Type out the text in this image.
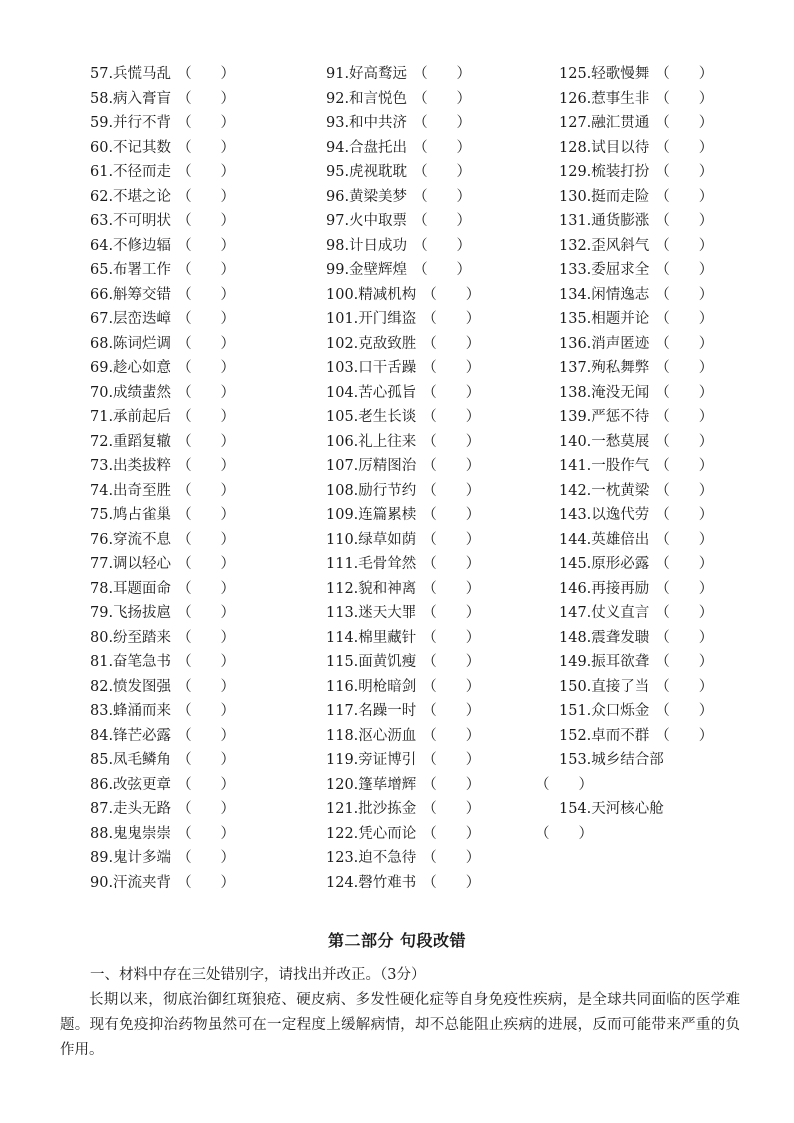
57.兵慌马乱 （　　）
58.病入膏盲 （　　）
59.并行不背 （　　）
60.不记其数 （　　）
61.不径而走 （　　）
62.不堪之论 （　　）
63.不可明状 （　　）
64.不修边辐 （　　）
65.布署工作 （　　）
66.斛筹交错 （　　）
67.层峦迭嶂 （　　）
68.陈词烂调 （　　）
69.趁心如意 （　　）
70.成绩蜚然 （　　）
71.承前起后 （　　）
72.重蹈复辙 （　　）
73.出类拔粹 （　　）
74.出奇至胜 （　　）
75.鸠占雀巢 （　　）
76.穿流不息 （　　）
77.调以轻心 （　　）
78.耳题面命 （　　）
79.飞扬拔扈 （　　）
80.纷至踏来 （　　）
81.奋笔急书 （　　）
82.愤发图强 （　　）
83.蜂涌而来 （　　）
84.锋芒必露 （　　）
85.凤毛鳞角 （　　）
86.改弦更章 （　　）
87.走头无路 （　　）
88.鬼鬼崇崇 （　　）
89.鬼计多端 （　　）
90.汗流夹背 （　　）
91.好高鹜远 （　　）
92.和言悦色 （　　）
93.和中共济 （　　）
94.合盘托出 （　　）
95.虎视耽耽 （　　）
96.黄梁美梦 （　　）
97.火中取票 （　　）
98.计日成功 （　　）
99.金壁辉煌 （　　）
100.精减机构 （　　）
101.开门缉盗 （　　）
102.克敌致胜 （　　）
103.口干舌躁 （　　）
104.苦心孤旨 （　　）
105.老生长谈 （　　）
106.礼上往来 （　　）
107.厉精图治 （　　）
108.励行节约 （　　）
109.连篇累椟 （　　）
110.绿草如荫 （　　）
111.毛骨耸然 （　　）
112.貌和神离 （　　）
113.迷天大罪 （　　）
114.棉里藏针 （　　）
115.面黄饥瘦 （　　）
116.明枪暗剑 （　　）
117.名躁一时 （　　）
118.沤心沥血 （　　）
119.旁证博引 （　　）
120.篷荜增辉 （　　）
121.批沙拣金 （　　）
122.凭心而论 （　　）
123.迫不急待 （　　）
124.磬竹难书 （　　）
125.轻歌慢舞 （　　）
126.惹事生非 （　　）
127.融汇贯通 （　　）
128.试目以待 （　　）
129.梳装打扮 （　　）
130.挺而走险 （　　）
131.通货膨涨 （　　）
132.歪风斜气 （　　）
133.委屈求全 （　　）
134.闲情逸志 （　　）
135.相题并论 （　　）
136.消声匿迹 （　　）
137.殉私舞弊 （　　）
138.淹没无闻 （　　）
139.严惩不待 （　　）
140.一愁莫展 （　　）
141.一股作气 （　　）
142.一枕黄梁 （　　）
143.以逸代劳 （　　）
144.英雄倍出 （　　）
145.原形必露 （　　）
146.再接再励 （　　）
147.仗义直言 （　　）
148.震聋发聩 （　　）
149.振耳欲聋 （　　）
150.直接了当 （　　）
151.众口烁金 （　　）
152.卓而不群 （　　）
153.城乡结合部
（　　）
154.天河核心舱
（　　）
第二部分 句段改错
一、材料中存在三处错别字，请找出并改正。（3分）
长期以来，彻底治御红斑狼疮、硬皮病、多发性硬化症等自身免疫性疾病，是全球共同面临的医学难题。现有免疫抑治药物虽然可在一定程度上缓解病情，却不总能阻止疾病的进展，反而可能带来严重的负作用。
